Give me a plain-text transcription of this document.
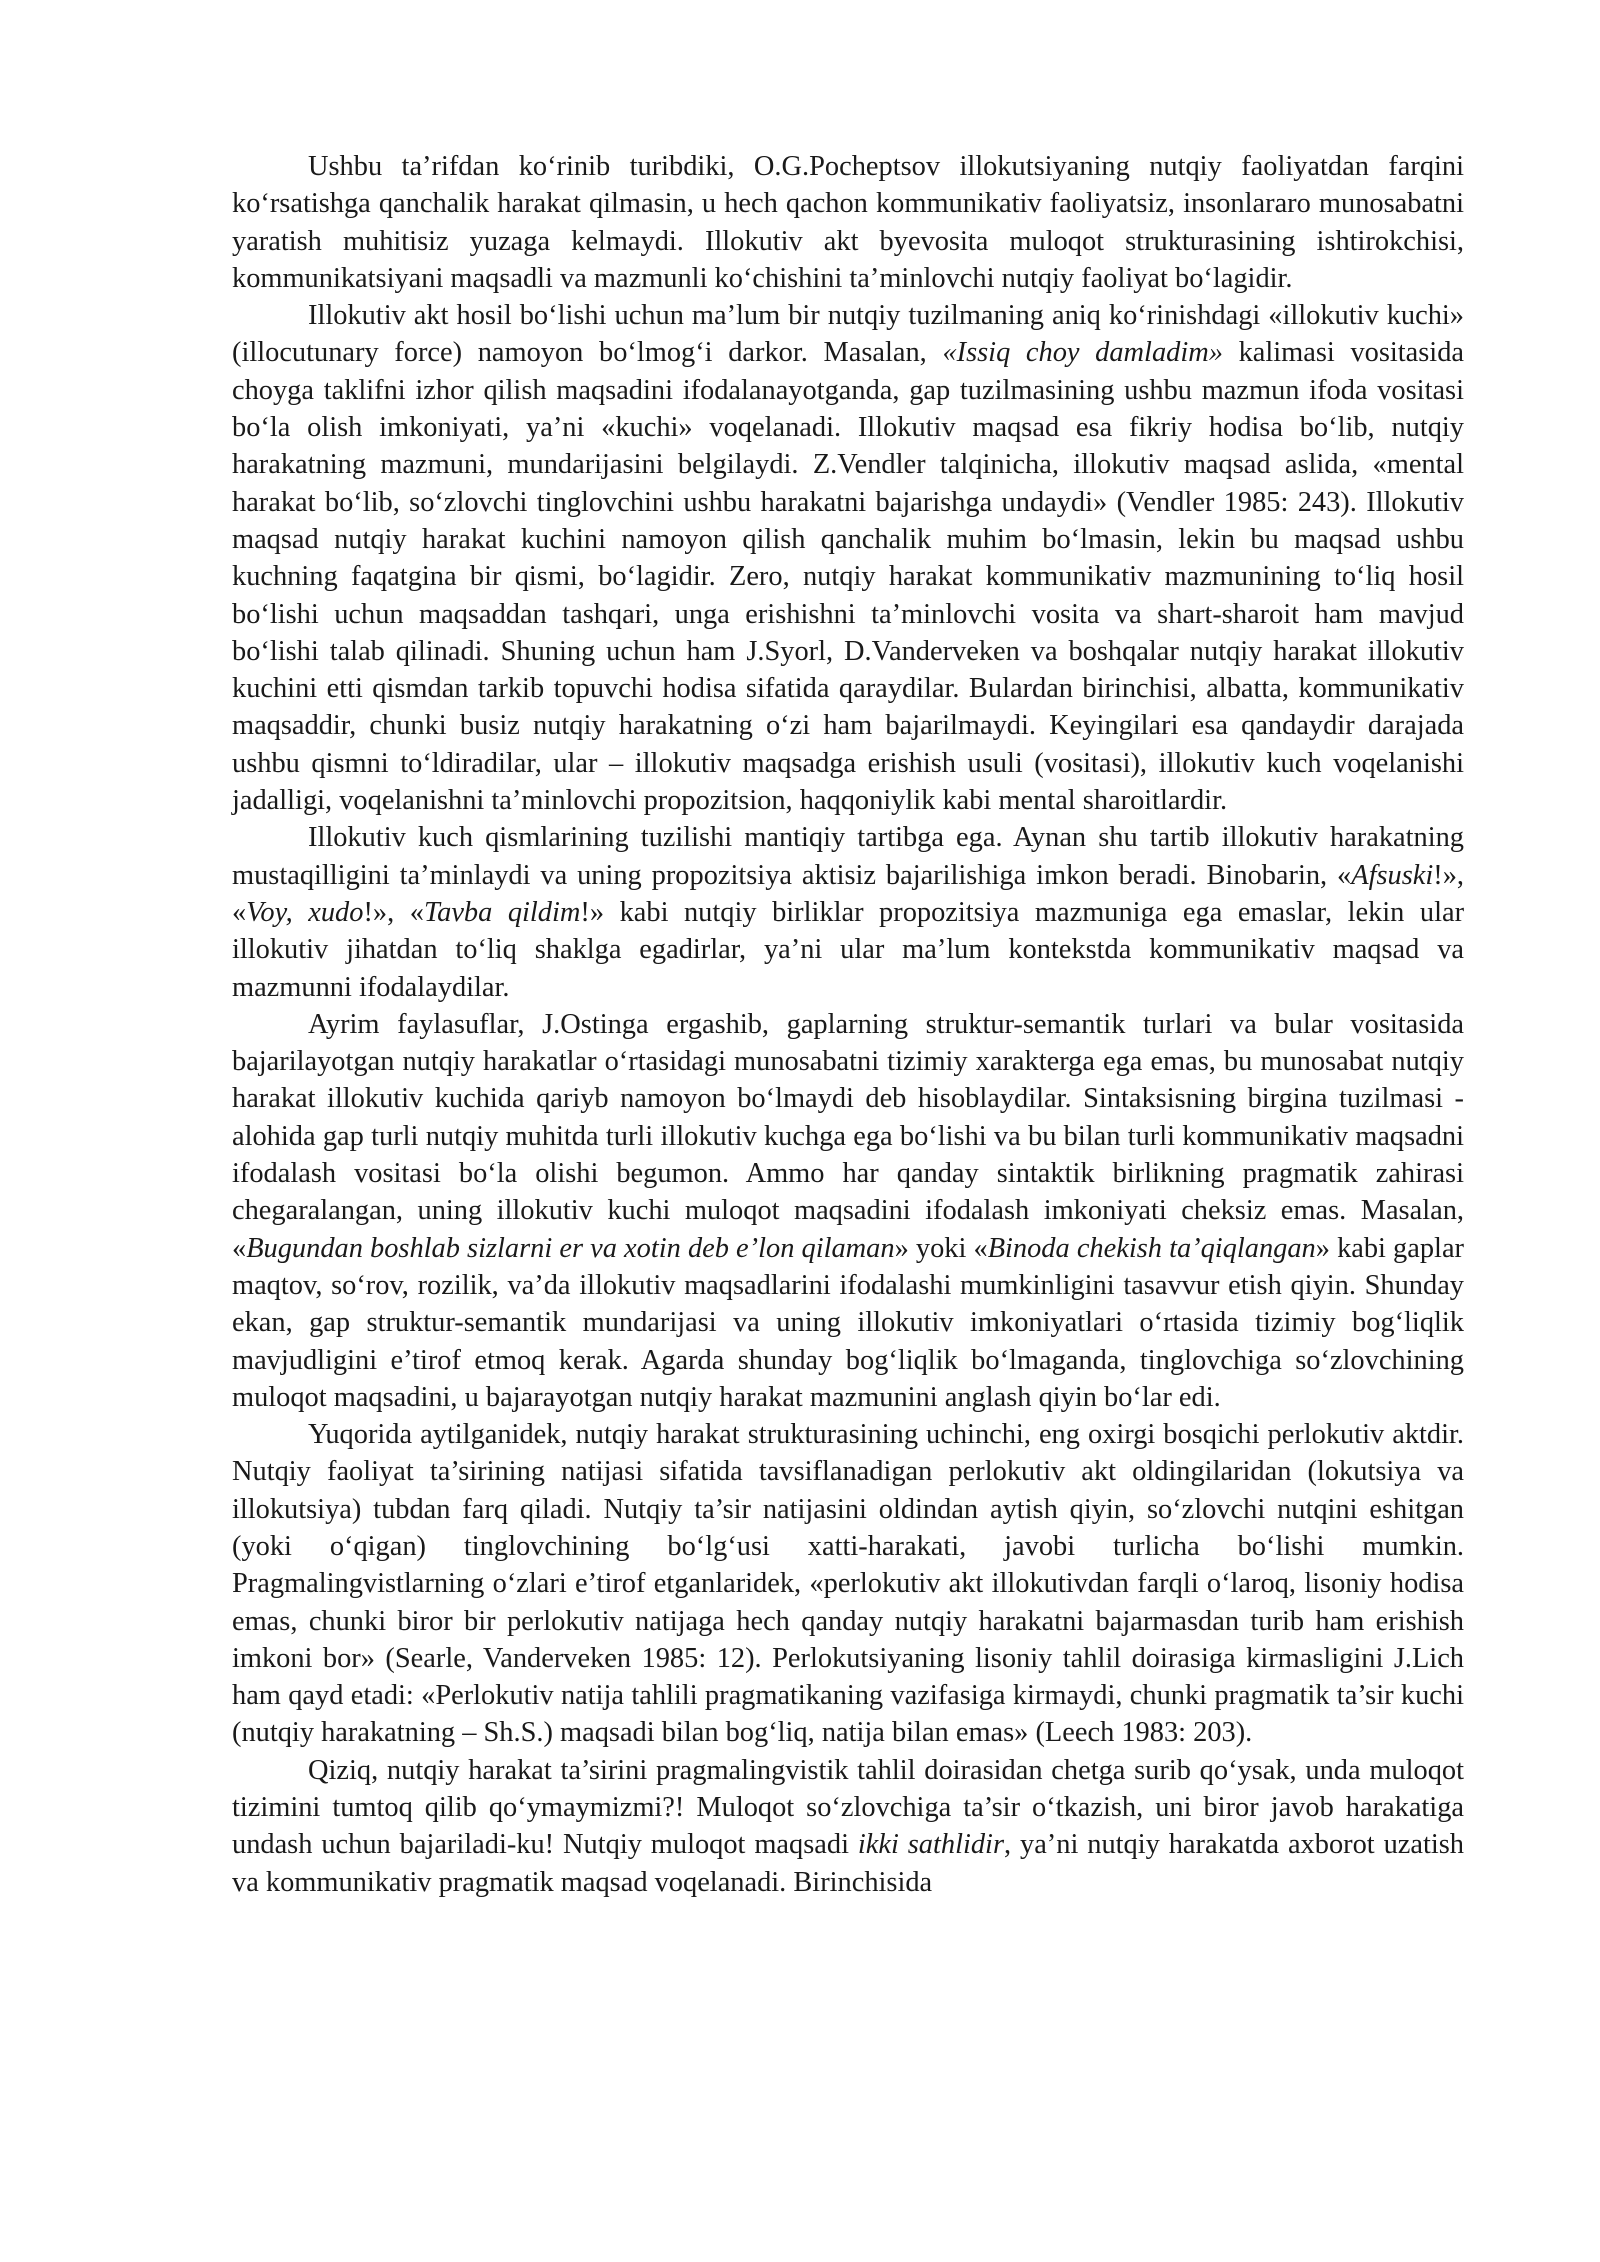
Ushbu ta’rifdan ko‘rinib turibdiki, O.G.Pocheptsov illokutsiyaning nutqiy faoliyatdan farqini ko‘rsatishga qanchalik harakat qilmasin, u hech qachon kommunikativ faoliyatsiz, insonlararo munosabatni yaratish muhitisiz yuzaga kelmaydi. Illokutiv akt byevosita muloqot strukturasining ishtirokchisi, kommunikatsiyani maqsadli va mazmunli ko‘chishini ta’minlovchi nutqiy faoliyat bo‘lagidir.

Illokutiv akt hosil bo‘lishi uchun ma’lum bir nutqiy tuzilmaning aniq ko‘rinishdagi «illokutiv kuchi» (illocutunary force) namoyon bo‘lmog‘i darkor. Masalan, «Issiq choy damladim» kalimasi vositasida choyga taklifni izhor qilish maqsadini ifodalanayotganda, gap tuzilmasining ushbu mazmun ifoda vositasi bo‘la olish imkoniyati, ya’ni «kuchi» voqelanadi. Illokutiv maqsad esa fikriy hodisa bo‘lib, nutqiy harakatning mazmuni, mundarijasini belgilaydi. Z.Vendler talqinicha, illokutiv maqsad aslida, «mental harakat bo‘lib, so‘zlovchi tinglovchini ushbu harakatni bajarishga undaydi» (Vendler 1985: 243). Illokutiv maqsad nutqiy harakat kuchini namoyon qilish qanchalik muhim bo‘lmasin, lekin bu maqsad ushbu kuchning faqatgina bir qismi, bo‘lagidir. Zero, nutqiy harakat kommunikativ mazmunining to‘liq hosil bo‘lishi uchun maqsaddan tashqari, unga erishishni ta’minlovchi vosita va shart-sharoit ham mavjud bo‘lishi talab qilinadi. Shuning uchun ham J.Syorl, D.Vanderveken va boshqalar nutqiy harakat illokutiv kuchini etti qismdan tarkib topuvchi hodisa sifatida qaraydilar. Bulardan birinchisi, albatta, kommunikativ maqsaddir, chunki busiz nutqiy harakatning o‘zi ham bajarilmaydi. Keyingilari esa qandaydir darajada ushbu qismni to‘ldiradilar, ular – illokutiv maqsadga erishish usuli (vositasi), illokutiv kuch voqelanishi jadalligi, voqelanishni ta’minlovchi propozitsion, haqqoniylik kabi mental sharoitlardir.

Illokutiv kuch qismlarining tuzilishi mantiqiy tartibga ega. Aynan shu tartib illokutiv harakatning mustaqilligini ta’minlaydi va uning propozitsiya aktisiz bajarilishiga imkon beradi. Binobarin, «Afsuski!», «Voy, xudo!», «Tavba qildim!» kabi nutqiy birliklar propozitsiya mazmuniga ega emaslar, lekin ular illokutiv jihatdan to‘liq shaklga egadirlar, ya’ni ular ma’lum kontekstda kommunikativ maqsad va mazmunni ifodalaydilar.

Ayrim faylasuflar, J.Ostinga ergashib, gaplarning struktur-semantik turlari va bular vositasida bajarilayotgan nutqiy harakatlar o‘rtasidagi munosabatni tizimiy xarakterga ega emas, bu munosabat nutqiy harakat illokutiv kuchida qariyb namoyon bo‘lmaydi deb hisoblaydilar. Sintaksisning birgina tuzilmasi - alohida gap turli nutqiy muhitda turli illokutiv kuchga ega bo‘lishi va bu bilan turli kommunikativ maqsadni ifodalash vositasi bo‘la olishi begumon. Ammo har qanday sintaktik birlikning pragmatik zahirasi chegaralangan, uning illokutiv kuchi muloqot maqsadini ifodalash imkoniyati cheksiz emas. Masalan, «Bugundan boshlab sizlarni er va xotin deb e’lon qilaman» yoki «Binoda chekish ta’qiqlangan» kabi gaplar maqtov, so‘rov, rozilik, va’da illokutiv maqsadlarini ifodalashi mumkinligini tasavvur etish qiyin. Shunday ekan, gap struktur-semantik mundarijasi va uning illokutiv imkoniyatlari o‘rtasida tizimiy bog‘liqlik mavjudligini e’tirof etmoq kerak. Agarda shunday bog‘liqlik bo‘lmaganda, tinglovchiga so‘zlovchining muloqot maqsadini, u bajarayotgan nutqiy harakat mazmunini anglash qiyin bo‘lar edi.

Yuqorida aytilganidek, nutqiy harakat strukturasining uchinchi, eng oxirgi bosqichi perlokutiv aktdir. Nutqiy faoliyat ta’sirining natijasi sifatida tavsiflanadigan perlokutiv akt oldingilaridan (lokutsiya va illokutsiya) tubdan farq qiladi. Nutqiy ta’sir natijasini oldindan aytish qiyin, so‘zlovchi nutqini eshitgan (yoki o‘qigan) tinglovchining bo‘lg‘usi xatti-harakati, javobi turlicha bo‘lishi mumkin. Pragmalingvistlarning o‘zlari e’tirof etganlaridek, «perlokutiv akt illokutivdan farqli o‘laroq, lisoniy hodisa emas, chunki biror bir perlokutiv natijaga hech qanday nutqiy harakatni bajarmasdan turib ham erishish imkoni bor» (Searle, Vanderveken 1985: 12). Perlokutsiyaning lisoniy tahlil doirasiga kirmasligini J.Lich ham qayd etadi: «Perlokutiv natija tahlili pragmatikaning vazifasiga kirmaydi, chunki pragmatik ta’sir kuchi (nutqiy harakatning – Sh.S.) maqsadi bilan bog‘liq, natija bilan emas» (Leech 1983: 203).

Qiziq, nutqiy harakat ta’sirini pragmalingvistik tahlil doirasidan chetga surib qo‘ysak, unda muloqot tizimini tumtoq qilib qo‘ymaymizmi?! Muloqot so‘zlovchiga ta’sir o‘tkazish, uni biror javob harakatiga undash uchun bajariladi-ku! Nutqiy muloqot maqsadi ikki sathlidir, ya’ni nutqiy harakatda axborot uzatish va kommunikativ pragmatik maqsad voqelanadi. Birinchisida
